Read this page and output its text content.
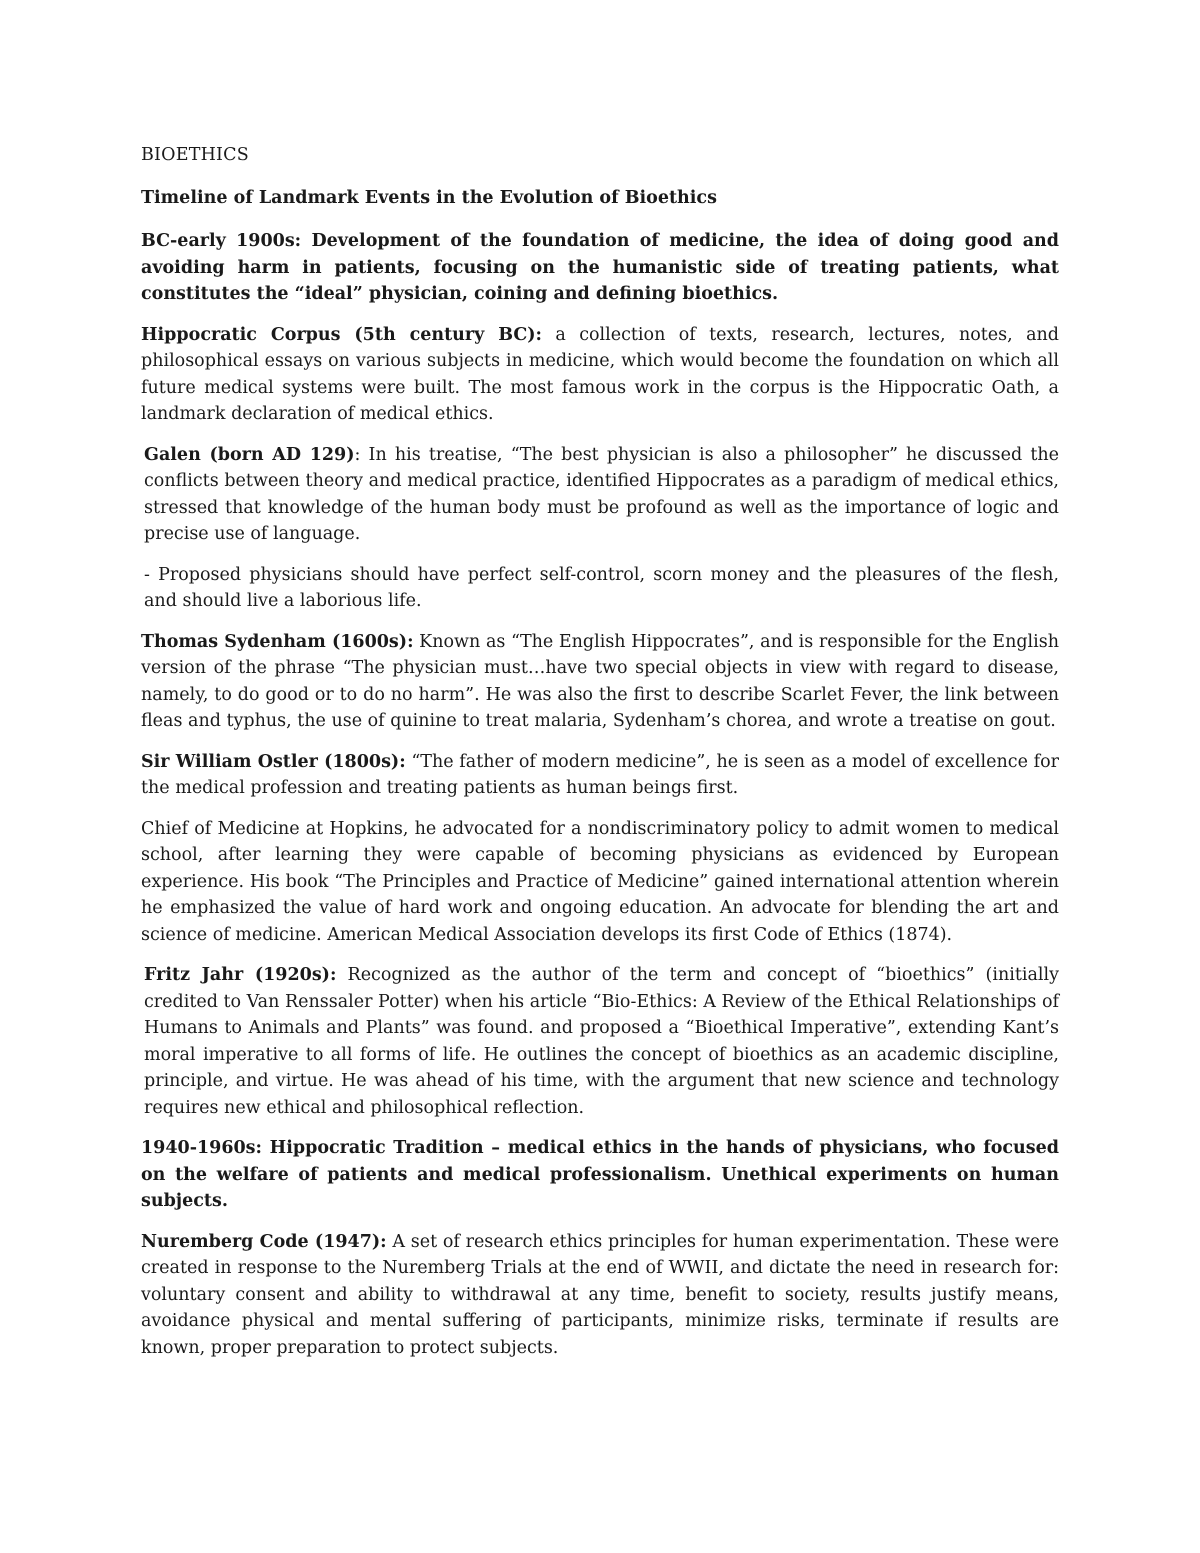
BIOETHICS

Timeline of Landmark Events in the Evolution of Bioethics

BC-early 1900s: Development of the foundation of medicine, the idea of doing good and avoiding harm in patients, focusing on the humanistic side of treating patients, what constitutes the “ideal” physician, coining and defining bioethics.

Hippocratic Corpus (5th century BC): a collection of texts, research, lectures, notes, and philosophical essays on various subjects in medicine, which would become the foundation on which all future medical systems were built. The most famous work in the corpus is the Hippocratic Oath, a landmark declaration of medical ethics.

Galen (born AD 129): In his treatise, “The best physician is also a philosopher” he discussed the conflicts between theory and medical practice, identified Hippocrates as a paradigm of medical ethics, stressed that knowledge of the human body must be profound as well as the importance of logic and precise use of language.

- Proposed physicians should have perfect self-control, scorn money and the pleasures of the flesh, and should live a laborious life.

Thomas Sydenham (1600s): Known as “The English Hippocrates”, and is responsible for the English version of the phrase “The physician must…have two special objects in view with regard to disease, namely, to do good or to do no harm”. He was also the first to describe Scarlet Fever, the link between fleas and typhus, the use of quinine to treat malaria, Sydenham’s chorea, and wrote a treatise on gout.

Sir William Ostler (1800s): “The father of modern medicine”, he is seen as a model of excellence for the medical profession and treating patients as human beings first.

Chief of Medicine at Hopkins, he advocated for a nondiscriminatory policy to admit women to medical school, after learning they were capable of becoming physicians as evidenced by European experience. His book “The Principles and Practice of Medicine” gained international attention wherein he emphasized the value of hard work and ongoing education. An advocate for blending the art and science of medicine. American Medical Association develops its first Code of Ethics (1874).

Fritz Jahr (1920s): Recognized as the author of the term and concept of “bioethics” (initially credited to Van Renssaler Potter) when his article “Bio-Ethics: A Review of the Ethical Relationships of Humans to Animals and Plants” was found. and proposed a “Bioethical Imperative”, extending Kant’s moral imperative to all forms of life. He outlines the concept of bioethics as an academic discipline, principle, and virtue. He was ahead of his time, with the argument that new science and technology requires new ethical and philosophical reflection.

1940-1960s: Hippocratic Tradition – medical ethics in the hands of physicians, who focused on the welfare of patients and medical professionalism. Unethical experiments on human subjects.

Nuremberg Code (1947): A set of research ethics principles for human experimentation. These were created in response to the Nuremberg Trials at the end of WWII, and dictate the need in research for: voluntary consent and ability to withdrawal at any time, benefit to society, results justify means, avoidance physical and mental suffering of participants, minimize risks, terminate if results are known, proper preparation to protect subjects.
